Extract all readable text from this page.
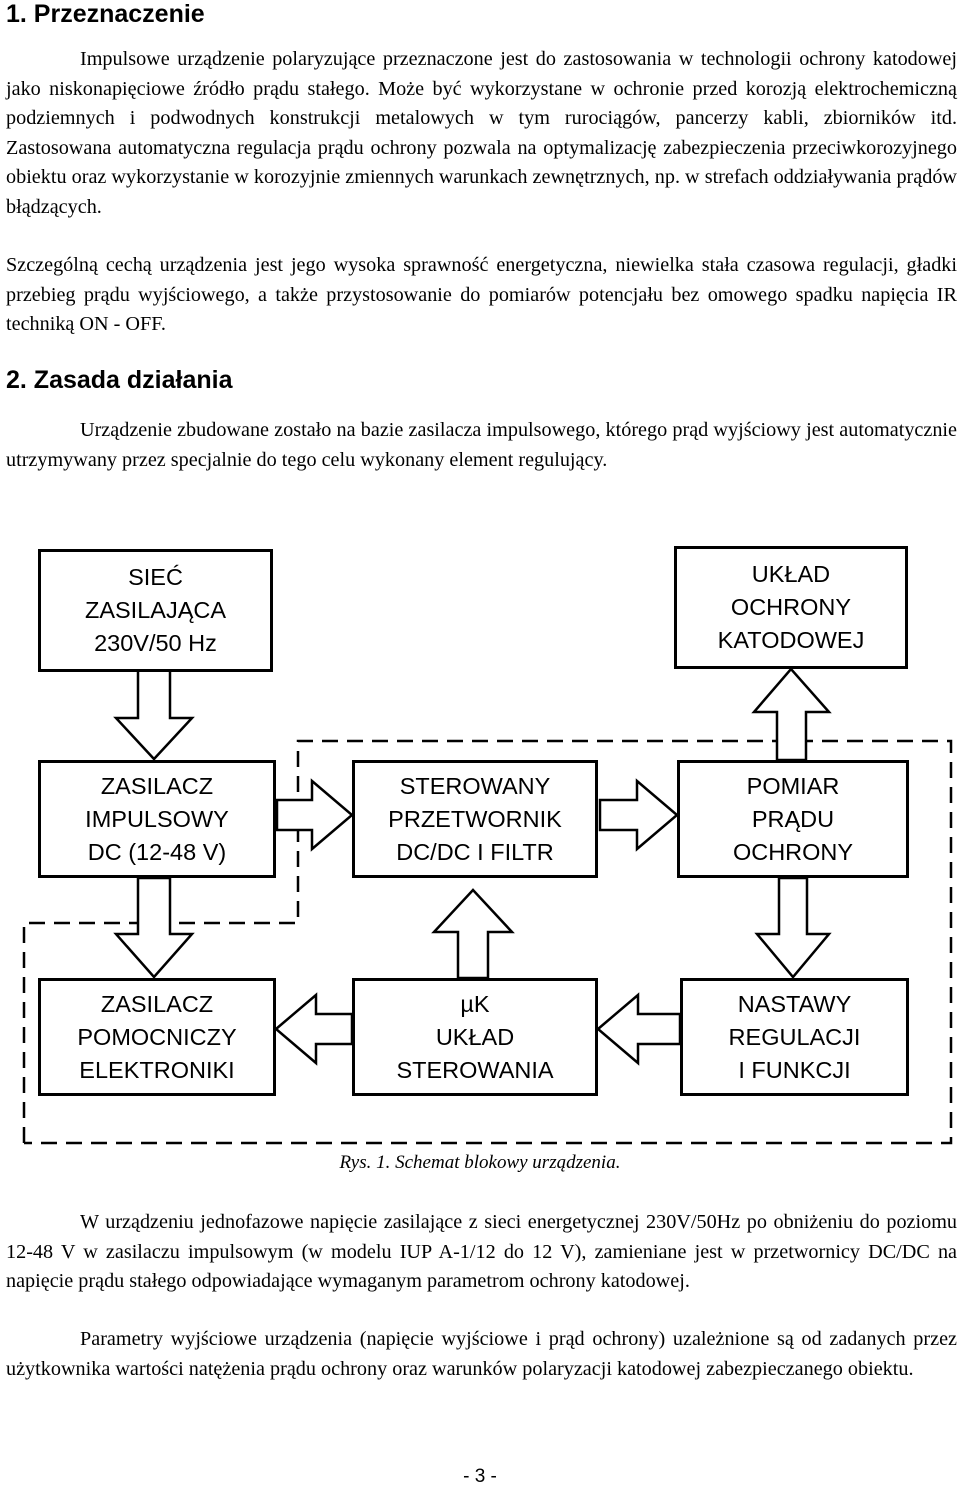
1. Przeznaczenie

Impulsowe urządzenie polaryzujące przeznaczone jest do zastosowania w technologii ochrony katodowej jako niskonapięciowe źródło prądu stałego. Może być wykorzystane w ochronie przed korozją elektrochemiczną podziemnych i podwodnych konstrukcji metalowych w tym rurociągów, pancerzy kabli, zbiorników itd. Zastosowana automatyczna regulacja prądu ochrony pozwala na optymalizację zabezpieczenia przeciwkorozyjnego obiektu oraz wykorzystanie w korozyjnie zmiennych warunkach zewnętrznych, np. w strefach oddziaływania prądów błądzących.

Szczególną cechą urządzenia jest jego wysoka sprawność energetyczna, niewielka stała czasowa regulacji, gładki przebieg prądu wyjściowego, a także przystosowanie do pomiarów potencjału bez omowego spadku napięcia IR techniką ON - OFF.

2. Zasada działania

Urządzenie zbudowane zostało na bazie zasilacza impulsowego, którego prąd wyjściowy jest automatycznie utrzymywany przez specjalnie do tego celu wykonany element regulujący.

SIEĆ
ZASILAJĄCA
230V/50 Hz
UKŁAD
OCHRONY
KATODOWEJ
ZASILACZ
IMPULSOWY
DC (12-48 V)
STEROWANY
PRZETWORNIK
DC/DC I FILTR
POMIAR
PRĄDU
OCHRONY
ZASILACZ
POMOCNICZY
ELEKTRONIKI
µK
UKŁAD
STEROWANIA
NASTAWY
REGULACJI
I FUNKCJI

Rys. 1. Schemat blokowy urządzenia.

W urządzeniu jednofazowe napięcie zasilające z sieci energetycznej 230V/50Hz po obniżeniu do poziomu 12-48 V w zasilaczu impulsowym (w modelu IUP A-1/12 do 12 V), zamieniane jest w przetwornicy DC/DC na napięcie prądu stałego odpowiadające wymaganym parametrom ochrony katodowej.

Parametry wyjściowe urządzenia (napięcie wyjściowe i prąd ochrony) uzależnione są od zadanych przez użytkownika wartości natężenia prądu ochrony oraz warunków polaryzacji katodowej zabezpieczanego obiektu.

- 3 -
